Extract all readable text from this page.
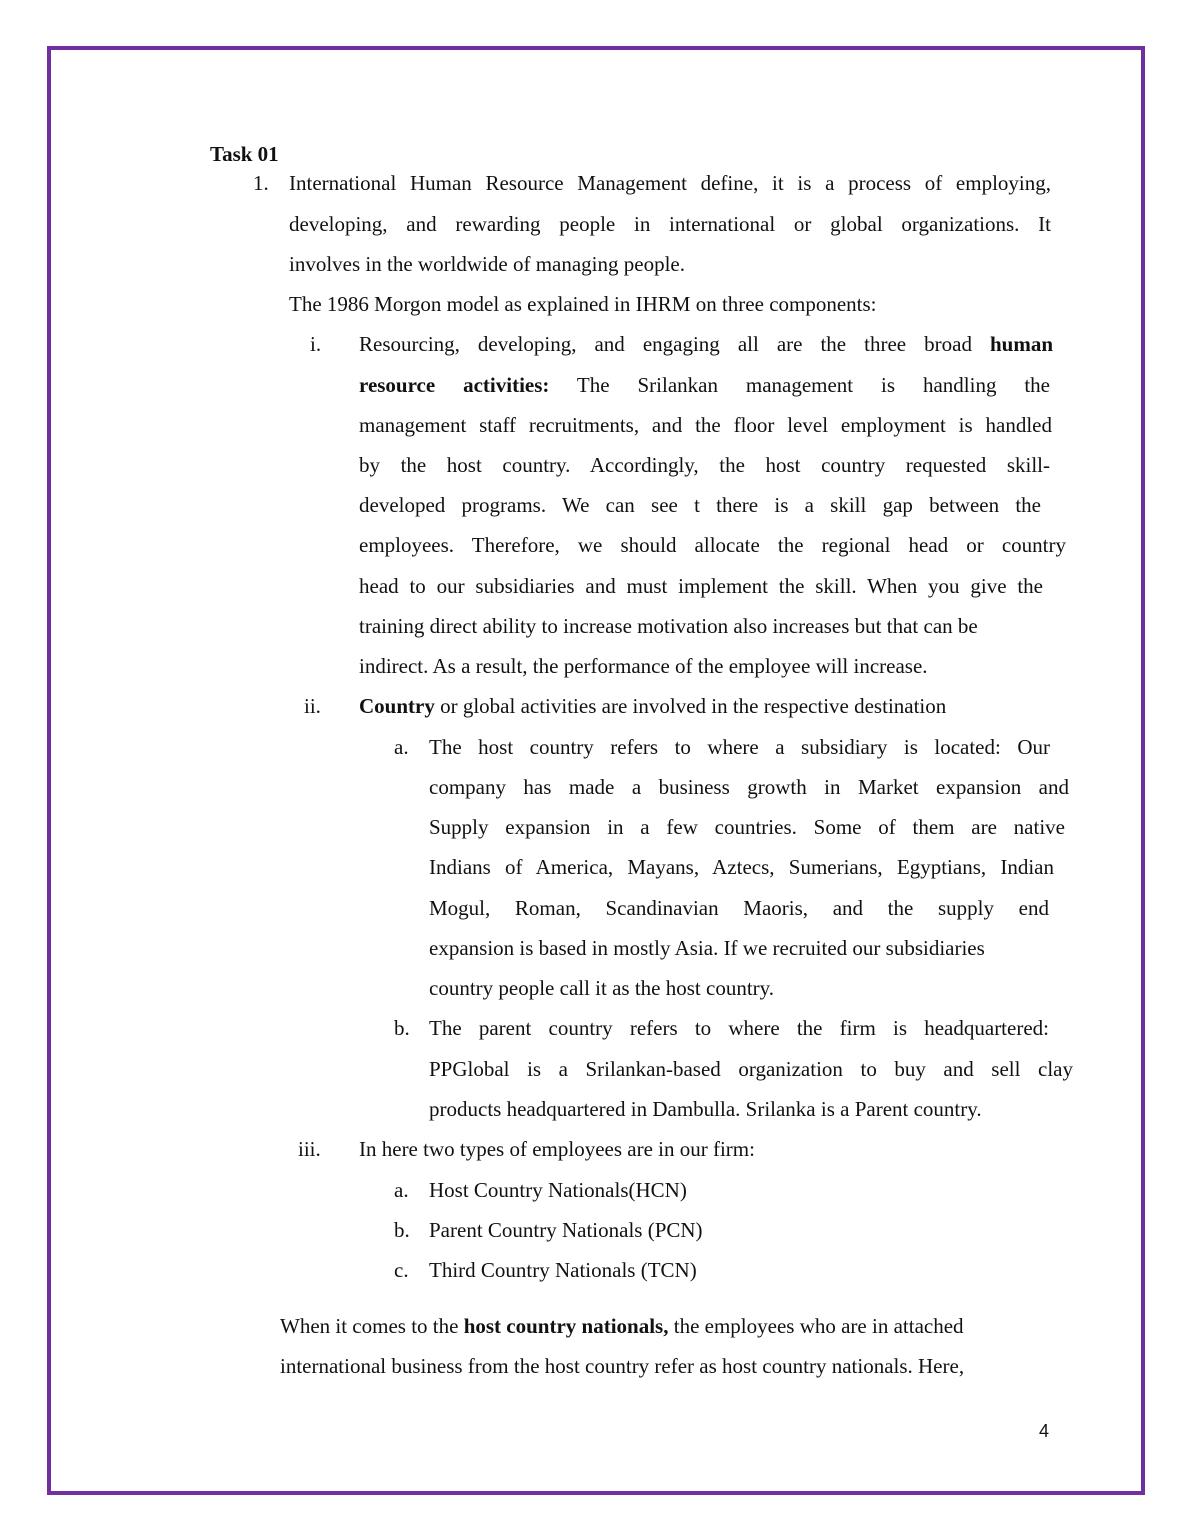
Task 01
1. International Human Resource Management define, it is a process of employing,
developing, and rewarding people in international or global organizations. It
involves in the worldwide of managing people.
The 1986 Morgon model as explained in IHRM on three components:
i. Resourcing, developing, and engaging all are the three broad human
resource activities: The Srilankan management is handling the
management staff recruitments, and the floor level employment is handled
by the host country. Accordingly, the host country requested skill-
developed programs. We can see t there is a skill gap between the
employees. Therefore, we should allocate the regional head or country
head to our subsidiaries and must implement the skill. When you give the
training direct ability to increase motivation also increases but that can be
indirect. As a result, the performance of the employee will increase.
ii. Country or global activities are involved in the respective destination
a. The host country refers to where a subsidiary is located: Our
company has made a business growth in Market expansion and
Supply expansion in a few countries. Some of them are native
Indians of America, Mayans, Aztecs, Sumerians, Egyptians, Indian
Mogul, Roman, Scandinavian Maoris, and the supply end
expansion is based in mostly Asia. If we recruited our subsidiaries
country people call it as the host country.
b. The parent country refers to where the firm is headquartered:
PPGlobal is a Srilankan-based organization to buy and sell clay
products headquartered in Dambulla. Srilanka is a Parent country.
iii. In here two types of employees are in our firm:
a. Host Country Nationals(HCN)
b. Parent Country Nationals (PCN)
c. Third Country Nationals (TCN)
When it comes to the host country nationals, the employees who are in attached
international business from the host country refer as host country nationals. Here,
4
